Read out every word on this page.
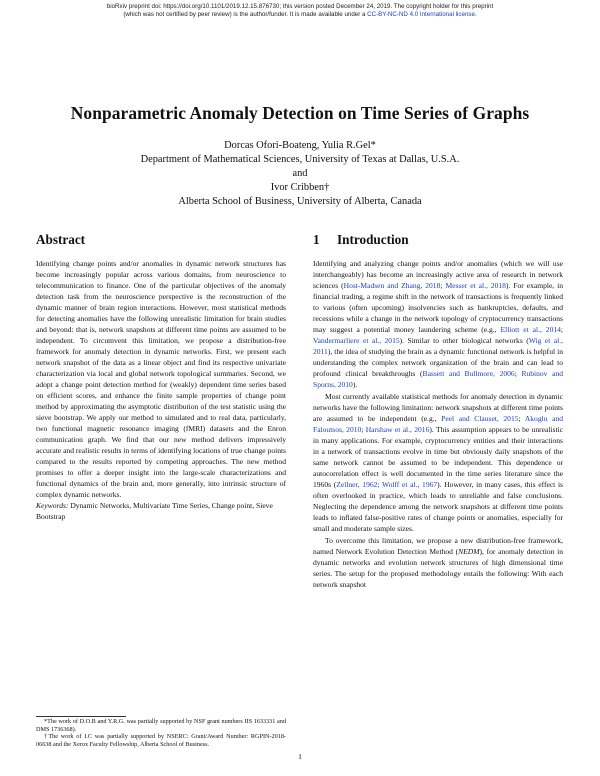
bioRxiv preprint doi: https://doi.org/10.1101/2019.12.15.876730; this version posted December 24, 2019. The copyright holder for this preprint
(which was not certified by peer review) is the author/funder. It is made available under a CC-BY-NC-ND 4.0 International license.
Nonparametric Anomaly Detection on Time Series of Graphs
Dorcas Ofori-Boateng, Yulia R.Gel*
Department of Mathematical Sciences, University of Texas at Dallas, U.S.A.
and
Ivor Cribben†
Alberta School of Business, University of Alberta, Canada
Abstract

Identifying change points and/or anomalies in dynamic network structures has become increasingly popular across various domains, from neuroscience to telecommunication to finance. One of the particular objectives of the anomaly detection task from the neuroscience perspective is the reconstruction of the dynamic manner of brain region interactions. However, most statistical methods for detecting anomalies have the following unrealistic limitation for brain studies and beyond: that is, network snapshots at different time points are assumed to be independent. To circumvent this limitation, we propose a distribution-free framework for anomaly detection in dynamic networks. First, we present each network snapshot of the data as a linear object and find its respective univariate characterization via local and global network topological summaries. Second, we adopt a change point detection method for (weakly) dependent time series based on efficient scores, and enhance the finite sample properties of change point method by approximating the asymptotic distribution of the test statistic using the sieve bootstrap. We apply our method to simulated and to real data, particularly, two functional magnetic resonance imaging (fMRI) datasets and the Enron communication graph. We find that our new method delivers impressively accurate and realistic results in terms of identifying locations of true change points compared to the results reported by competing approaches. The new method promises to offer a deeper insight into the large-scale characterizations and functional dynamics of the brain and, more generally, into intrinsic structure of complex dynamic networks.

Keywords: Dynamic Networks, Multivariate Time Series, Change point, Sieve Bootstrap

*The work of D.O.B and Y.R.G. was partially supported by NSF grant numbers IIS 1633331 and DMS 1736368).

†The work of I.C was partially supported by NSERC: Grant/Award Number: RGPIN-2018-06638 and the Xerox Faculty Fellowship, Alberta School of Business.

1 Introduction

Identifying and analyzing change points and/or anomalies (which we will use interchangeably) has become an increasingly active area of research in network sciences (Host-Madsen and Zhang, 2018; Messer et al., 2018). For example, in financial trading, a regime shift in the network of transactions is frequently linked to various (often upcoming) insolvencies such as bankruptcies, defaults, and recessions while a change in the network topology of cryptocurrency transactions may suggest a potential money laundering scheme (e.g., Elliott et al., 2014; Vandermarliere et al., 2015). Similar to other biological networks (Wig et al., 2011), the idea of studying the brain as a dynamic functional network is helpful in understanding the complex network organization of the brain and can lead to profound clinical breakthroughs (Bassett and Bullmore, 2006; Rubinov and Sporns, 2010).

Most currently available statistical methods for anomaly detection in dynamic networks have the following limitation: network snapshots at different time points are assumed to be independent (e.g., Peel and Clauset, 2015; Akoglu and Faloutsos, 2010; Harshaw et al., 2016). This assumption appears to be unrealistic in many applications. For example, cryptocurrency entities and their interactions in a network of transactions evolve in time but obviously daily snapshots of the same network cannot be assumed to be independent. This dependence or autocorrelation effect is well documented in the time series literature since the 1960s (Zellner, 1962; Wolff et al., 1967). However, in many cases, this effect is often overlooked in practice, which leads to unreliable and false conclusions. Neglecting the dependence among the network snapshots at different time points leads to inflated false-positive rates of change points or anomalies, especially for small and moderate sample sizes.

To overcome this limitation, we propose a new distribution-free framework, named Network Evolution Detection Method (NEDM), for anomaly detection in dynamic networks and evolution network structures of high dimensional time series. The setup for the proposed methodology entails the following: With each network snapshot

1
